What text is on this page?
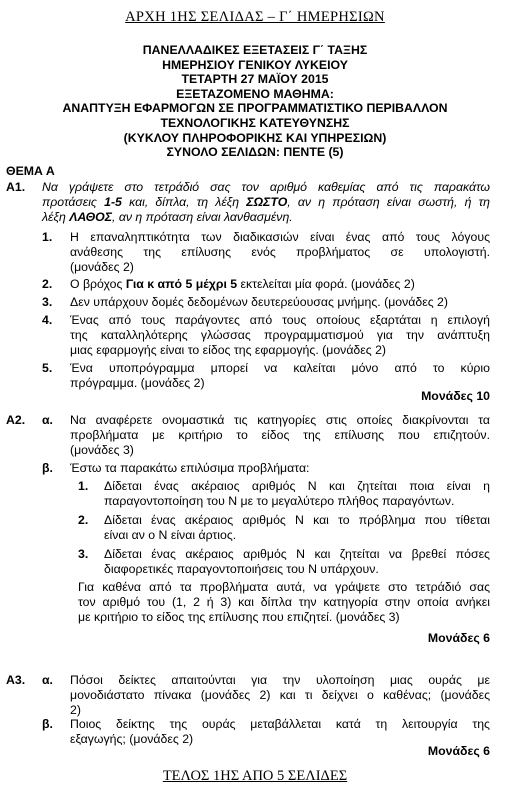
ΑΡΧΗ 1ΗΣ ΣΕΛΙΔΑΣ – Γ΄ ΗΜΕΡΗΣΙΩΝ
ΠΑΝΕΛΛΑΔΙΚΕΣ ΕΞΕΤΑΣΕΙΣ Γ΄ ΤΑΞΗΣ
ΗΜΕΡΗΣΙΟΥ ΓΕΝΙΚΟΥ ΛΥΚΕΙΟΥ
ΤΕΤΑΡΤΗ 27 ΜΑΪΟΥ 2015
ΕΞΕΤΑΖΟΜΕΝΟ ΜΑΘΗΜΑ:
ΑΝΑΠΤΥΞΗ ΕΦΑΡΜΟΓΩΝ ΣΕ ΠΡΟΓΡΑΜΜΑΤΙΣΤΙΚΟ ΠΕΡΙΒΑΛΛΟΝ
ΤΕΧΝΟΛΟΓΙΚΗΣ ΚΑΤΕΥΘΥΝΣΗΣ
(ΚΥΚΛΟΥ ΠΛΗΡΟΦΟΡΙΚΗΣ ΚΑΙ ΥΠΗΡΕΣΙΩΝ)
ΣΥΝΟΛΟ ΣΕΛΙΔΩΝ: ΠΕΝΤΕ (5)
ΘΕΜΑ Α
Α1. Να γράψετε στο τετράδιό σας τον αριθμό καθεμίας από τις παρακάτω
προτάσεις 1-5 και, δίπλα, τη λέξη ΣΩΣΤΟ, αν η πρόταση είναι σωστή, ή τη
λέξη ΛΑΘΟΣ, αν η πρόταση είναι λανθασμένη.
1. Η επαναληπτικότητα των διαδικασιών είναι ένας από τους λόγους
ανάθεσης της επίλυσης ενός προβλήματος σε υπολογιστή.
(μονάδες 2)
2. Ο βρόχος Για κ από 5 μέχρι 5 εκτελείται μία φορά. (μονάδες 2)
3. Δεν υπάρχουν δομές δεδομένων δευτερεύουσας μνήμης. (μονάδες 2)
4. Ένας από τους παράγοντες από τους οποίους εξαρτάται η επιλογή
της καταλληλότερης γλώσσας προγραμματισμού για την ανάπτυξη
μιας εφαρμογής είναι το είδος της εφαρμογής. (μονάδες 2)
5. Ένα υποπρόγραμμα μπορεί να καλείται μόνο από το κύριο
πρόγραμμα. (μονάδες 2)
Μονάδες 10
Α2. α. Να αναφέρετε ονομαστικά τις κατηγορίες στις οποίες διακρίνονται τα
προβλήματα με κριτήριο το είδος της επίλυσης που επιζητούν.
(μονάδες 3)
β. Έστω τα παρακάτω επιλύσιμα προβλήματα:
1. Δίδεται ένας ακέραιος αριθμός Ν και ζητείται ποια είναι η
παραγοντοποίηση του Ν με το μεγαλύτερο πλήθος παραγόντων.
2. Δίδεται ένας ακέραιος αριθμός Ν και το πρόβλημα που τίθεται
είναι αν ο Ν είναι άρτιος.
3. Δίδεται ένας ακέραιος αριθμός Ν και ζητείται να βρεθεί πόσες
διαφορετικές παραγοντοποιήσεις του Ν υπάρχουν.
Για καθένα από τα προβλήματα αυτά, να γράψετε στο τετράδιό σας
τον αριθμό του (1, 2 ή 3) και δίπλα την κατηγορία στην οποία ανήκει
με κριτήριο το είδος της επίλυσης που επιζητεί. (μονάδες 3)
Μονάδες 6
Α3. α. Πόσοι δείκτες απαιτούνται για την υλοποίηση μιας ουράς με
μονοδιάστατο πίνακα (μονάδες 2) και τι δείχνει ο καθένας; (μονάδες
2)
β. Ποιος δείκτης της ουράς μεταβάλλεται κατά τη λειτουργία της
εξαγωγής; (μονάδες 2)
Μονάδες 6
ΤΕΛΟΣ 1ΗΣ ΑΠΟ 5 ΣΕΛΙΔΕΣ
